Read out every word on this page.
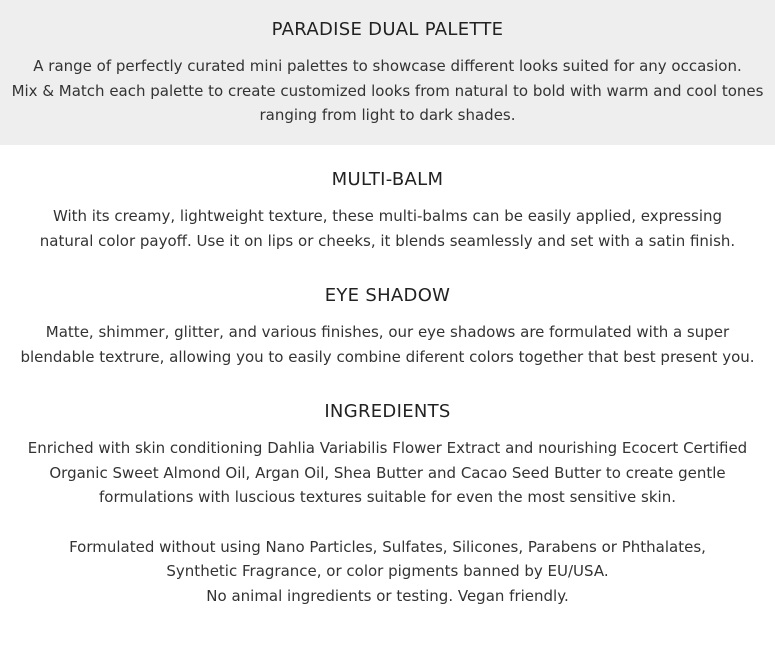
PARADISE DUAL PALETTE

A range of perfectly curated mini palettes to showcase different looks suited for any occasion.
Mix & Match each palette to create customized looks from natural to bold with warm and cool tones
ranging from light to dark shades.

MULTI-BALM

With its creamy, lightweight texture, these multi-balms can be easily applied, expressing
natural color payoff. Use it on lips or cheeks, it blends seamlessly and set with a satin finish.

EYE SHADOW

Matte, shimmer, glitter, and various finishes, our eye shadows are formulated with a super
blendable textrure, allowing you to easily combine diferent colors together that best present you.

INGREDIENTS

Enriched with skin conditioning Dahlia Variabilis Flower Extract and nourishing Ecocert Certified
Organic Sweet Almond Oil, Argan Oil, Shea Butter and Cacao Seed Butter to create gentle
formulations with luscious textures suitable for even the most sensitive skin.

Formulated without using Nano Particles, Sulfates, Silicones, Parabens or Phthalates,
Synthetic Fragrance, or color pigments banned by EU/USA.
No animal ingredients or testing. Vegan friendly.
